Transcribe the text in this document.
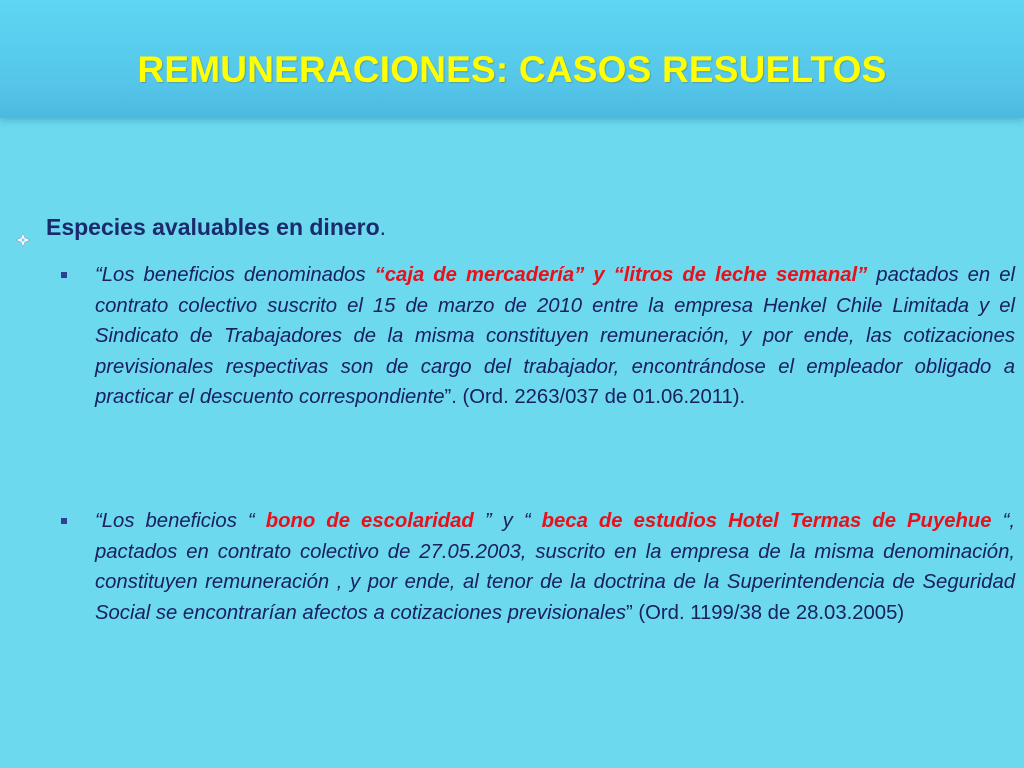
REMUNERACIONES: CASOS RESUELTOS
Especies avaluables en dinero.
“Los beneficios denominados “caja de mercadería” y “litros de leche semanal” pactados en el contrato colectivo suscrito el 15 de marzo de 2010 entre la empresa Henkel Chile Limitada y el Sindicato de Trabajadores de la misma constituyen remuneración, y por ende, las cotizaciones previsionales respectivas son de cargo del trabajador, encontrándose el empleador obligado a practicar el descuento correspondiente”. (Ord. 2263/037 de 01.06.2011).
“Los beneficios “ bono de escolaridad ” y “ beca de estudios Hotel Termas de Puyehue “, pactados en contrato colectivo de 27.05.2003, suscrito en la empresa de la misma denominación, constituyen remuneración , y por ende, al tenor de la doctrina de la Superintendencia de Seguridad Social se encontrarían afectos a cotizaciones previsionales” (Ord. 1199/38 de 28.03.2005)
